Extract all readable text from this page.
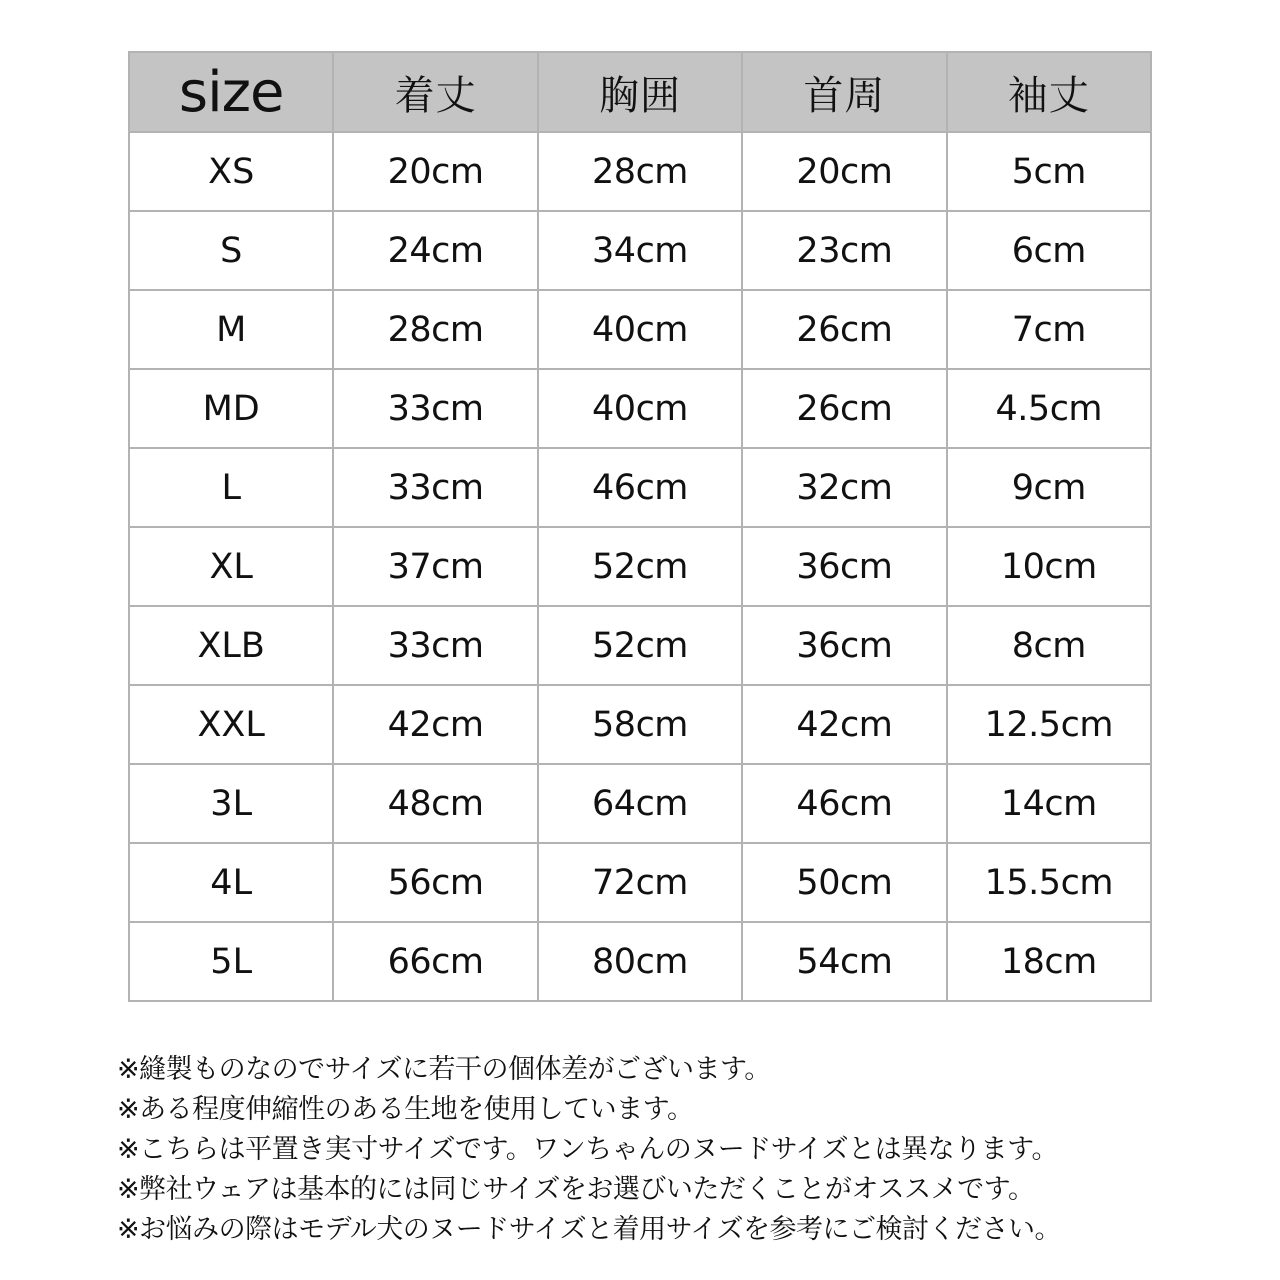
size	着丈	胸囲	首周	袖丈
XS	20cm	28cm	20cm	5cm
S	24cm	34cm	23cm	6cm
M	28cm	40cm	26cm	7cm
MD	33cm	40cm	26cm	4.5cm
L	33cm	46cm	32cm	9cm
XL	37cm	52cm	36cm	10cm
XLB	33cm	52cm	36cm	8cm
XXL	42cm	58cm	42cm	12.5cm
3L	48cm	64cm	46cm	14cm
4L	56cm	72cm	50cm	15.5cm
5L	66cm	80cm	54cm	18cm
※縫製ものなのでサイズに若干の個体差がございます。
※ある程度伸縮性のある生地を使用しています。
※こちらは平置き実寸サイズです。ワンちゃんのヌードサイズとは異なります。
※弊社ウェアは基本的には同じサイズをお選びいただくことがオススメです。
※お悩みの際はモデル犬のヌードサイズと着用サイズを参考にご検討ください。
